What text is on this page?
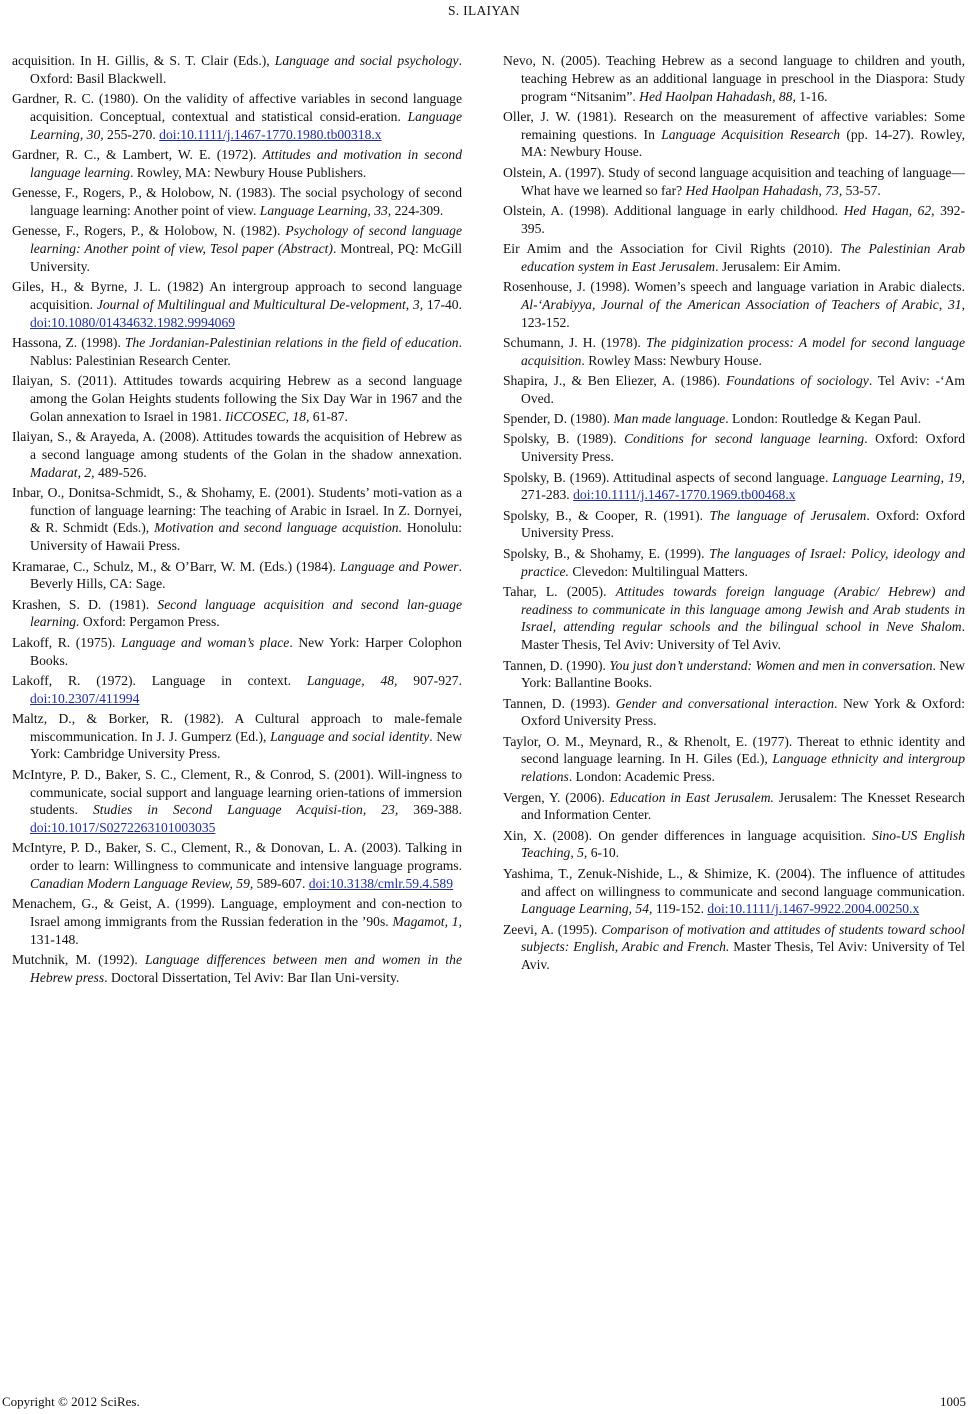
S. ILAIYAN

acquisition. In H. Gillis, & S. T. Clair (Eds.), Language and social psychology. Oxford: Basil Blackwell.

Gardner, R. C. (1980). On the validity of affective variables in second language acquisition. Conceptual, contextual and statistical consid-eration. Language Learning, 30, 255-270. doi:10.1111/j.1467-1770.1980.tb00318.x

Gardner, R. C., & Lambert, W. E. (1972). Attitudes and motivation in second language learning. Rowley, MA: Newbury House Publishers.

Genesse, F., Rogers, P., & Holobow, N. (1983). The social psychology of second language learning: Another point of view. Language Learning, 33, 224-309.

Genesse, F., Rogers, P., & Holobow, N. (1982). Psychology of second language learning: Another point of view, Tesol paper (Abstract). Montreal, PQ: McGill University.

Giles, H., & Byrne, J. L. (1982) An intergroup approach to second language acquisition. Journal of Multilingual and Multicultural De-velopment, 3, 17-40. doi:10.1080/01434632.1982.9994069

Hassona, Z. (1998). The Jordanian-Palestinian relations in the field of education. Nablus: Palestinian Research Center.

Ilaiyan, S. (2011). Attitudes towards acquiring Hebrew as a second language among the Golan Heights students following the Six Day War in 1967 and the Golan annexation to Israel in 1981. IiCCOSEC, 18, 61-87.

Ilaiyan, S., & Arayeda, A. (2008). Attitudes towards the acquisition of Hebrew as a second language among students of the Golan in the shadow annexation. Madarat, 2, 489-526.

Inbar, O., Donitsa-Schmidt, S., & Shohamy, E. (2001). Students’ moti-vation as a function of language learning: The teaching of Arabic in Israel. In Z. Dornyei, & R. Schmidt (Eds.), Motivation and second language acquistion. Honolulu: University of Hawaii Press.

Kramarae, C., Schulz, M., & O’Barr, W. M. (Eds.) (1984). Language and Power. Beverly Hills, CA: Sage.

Krashen, S. D. (1981). Second language acquisition and second lan-guage learning. Oxford: Pergamon Press.

Lakoff, R. (1975). Language and woman’s place. New York: Harper Colophon Books.

Lakoff, R. (1972). Language in context. Language, 48, 907-927. doi:10.2307/411994

Maltz, D., & Borker, R. (1982). A Cultural approach to male-female miscommunication. In J. J. Gumperz (Ed.), Language and social identity. New York: Cambridge University Press.

McIntyre, P. D., Baker, S. C., Clement, R., & Conrod, S. (2001). Will-ingness to communicate, social support and language learning orien-tations of immersion students. Studies in Second Language Acquisi-tion, 23, 369-388. doi:10.1017/S0272263101003035

McIntyre, P. D., Baker, S. C., Clement, R., & Donovan, L. A. (2003). Talking in order to learn: Willingness to communicate and intensive language programs. Canadian Modern Language Review, 59, 589-607. doi:10.3138/cmlr.59.4.589

Menachem, G., & Geist, A. (1999). Language, employment and con-nection to Israel among immigrants from the Russian federation in the ’90s. Magamot, 1, 131-148.

Mutchnik, M. (1992). Language differences between men and women in the Hebrew press. Doctoral Dissertation, Tel Aviv: Bar Ilan Uni-versity.

Nevo, N. (2005). Teaching Hebrew as a second language to children and youth, teaching Hebrew as an additional language in preschool in the Diaspora: Study program “Nitsanim”. Hed Haolpan Hahadash, 88, 1-16.

Oller, J. W. (1981). Research on the measurement of affective variables: Some remaining questions. In Language Acquisition Research (pp. 14-27). Rowley, MA: Newbury House.

Olstein, A. (1997). Study of second language acquisition and teaching of language—What have we learned so far? Hed Haolpan Hahadash, 73, 53-57.

Olstein, A. (1998). Additional language in early childhood. Hed Hagan, 62, 392-395.

Eir Amim and the Association for Civil Rights (2010). The Palestinian Arab education system in East Jerusalem. Jerusalem: Eir Amim.

Rosenhouse, J. (1998). Women’s speech and language variation in Arabic dialects. Al-‘Arabiyya, Journal of the American Association of Teachers of Arabic, 31, 123-152.

Schumann, J. H. (1978). The pidginization process: A model for second language acquisition. Rowley Mass: Newbury House.

Shapira, J., & Ben Eliezer, A. (1986). Foundations of sociology. Tel Aviv: -‘Am Oved.

Spender, D. (1980). Man made language. London: Routledge & Kegan Paul.

Spolsky, B. (1989). Conditions for second language learning. Oxford: Oxford University Press.

Spolsky, B. (1969). Attitudinal aspects of second language. Language Learning, 19, 271-283. doi:10.1111/j.1467-1770.1969.tb00468.x

Spolsky, B., & Cooper, R. (1991). The language of Jerusalem. Oxford: Oxford University Press.

Spolsky, B., & Shohamy, E. (1999). The languages of Israel: Policy, ideology and practice. Clevedon: Multilingual Matters.

Tahar, L. (2005). Attitudes towards foreign language (Arabic/ Hebrew) and readiness to communicate in this language among Jewish and Arab students in Israel, attending regular schools and the bilingual school in Neve Shalom. Master Thesis, Tel Aviv: University of Tel Aviv.

Tannen, D. (1990). You just don’t understand: Women and men in conversation. New York: Ballantine Books.

Tannen, D. (1993). Gender and conversational interaction. New York & Oxford: Oxford University Press.

Taylor, O. M., Meynard, R., & Rhenolt, E. (1977). Thereat to ethnic identity and second language learning. In H. Giles (Ed.), Language ethnicity and intergroup relations. London: Academic Press.

Vergen, Y. (2006). Education in East Jerusalem. Jerusalem: The Knesset Research and Information Center.

Xin, X. (2008). On gender differences in language acquisition. Sino-US English Teaching, 5, 6-10.

Yashima, T., Zenuk-Nishide, L., & Shimize, K. (2004). The influence of attitudes and affect on willingness to communicate and second language communication. Language Learning, 54, 119-152. doi:10.1111/j.1467-9922.2004.00250.x

Zeevi, A. (1995). Comparison of motivation and attitudes of students toward school subjects: English, Arabic and French. Master Thesis, Tel Aviv: University of Tel Aviv.

Copyright © 2012 SciRes.	1005
